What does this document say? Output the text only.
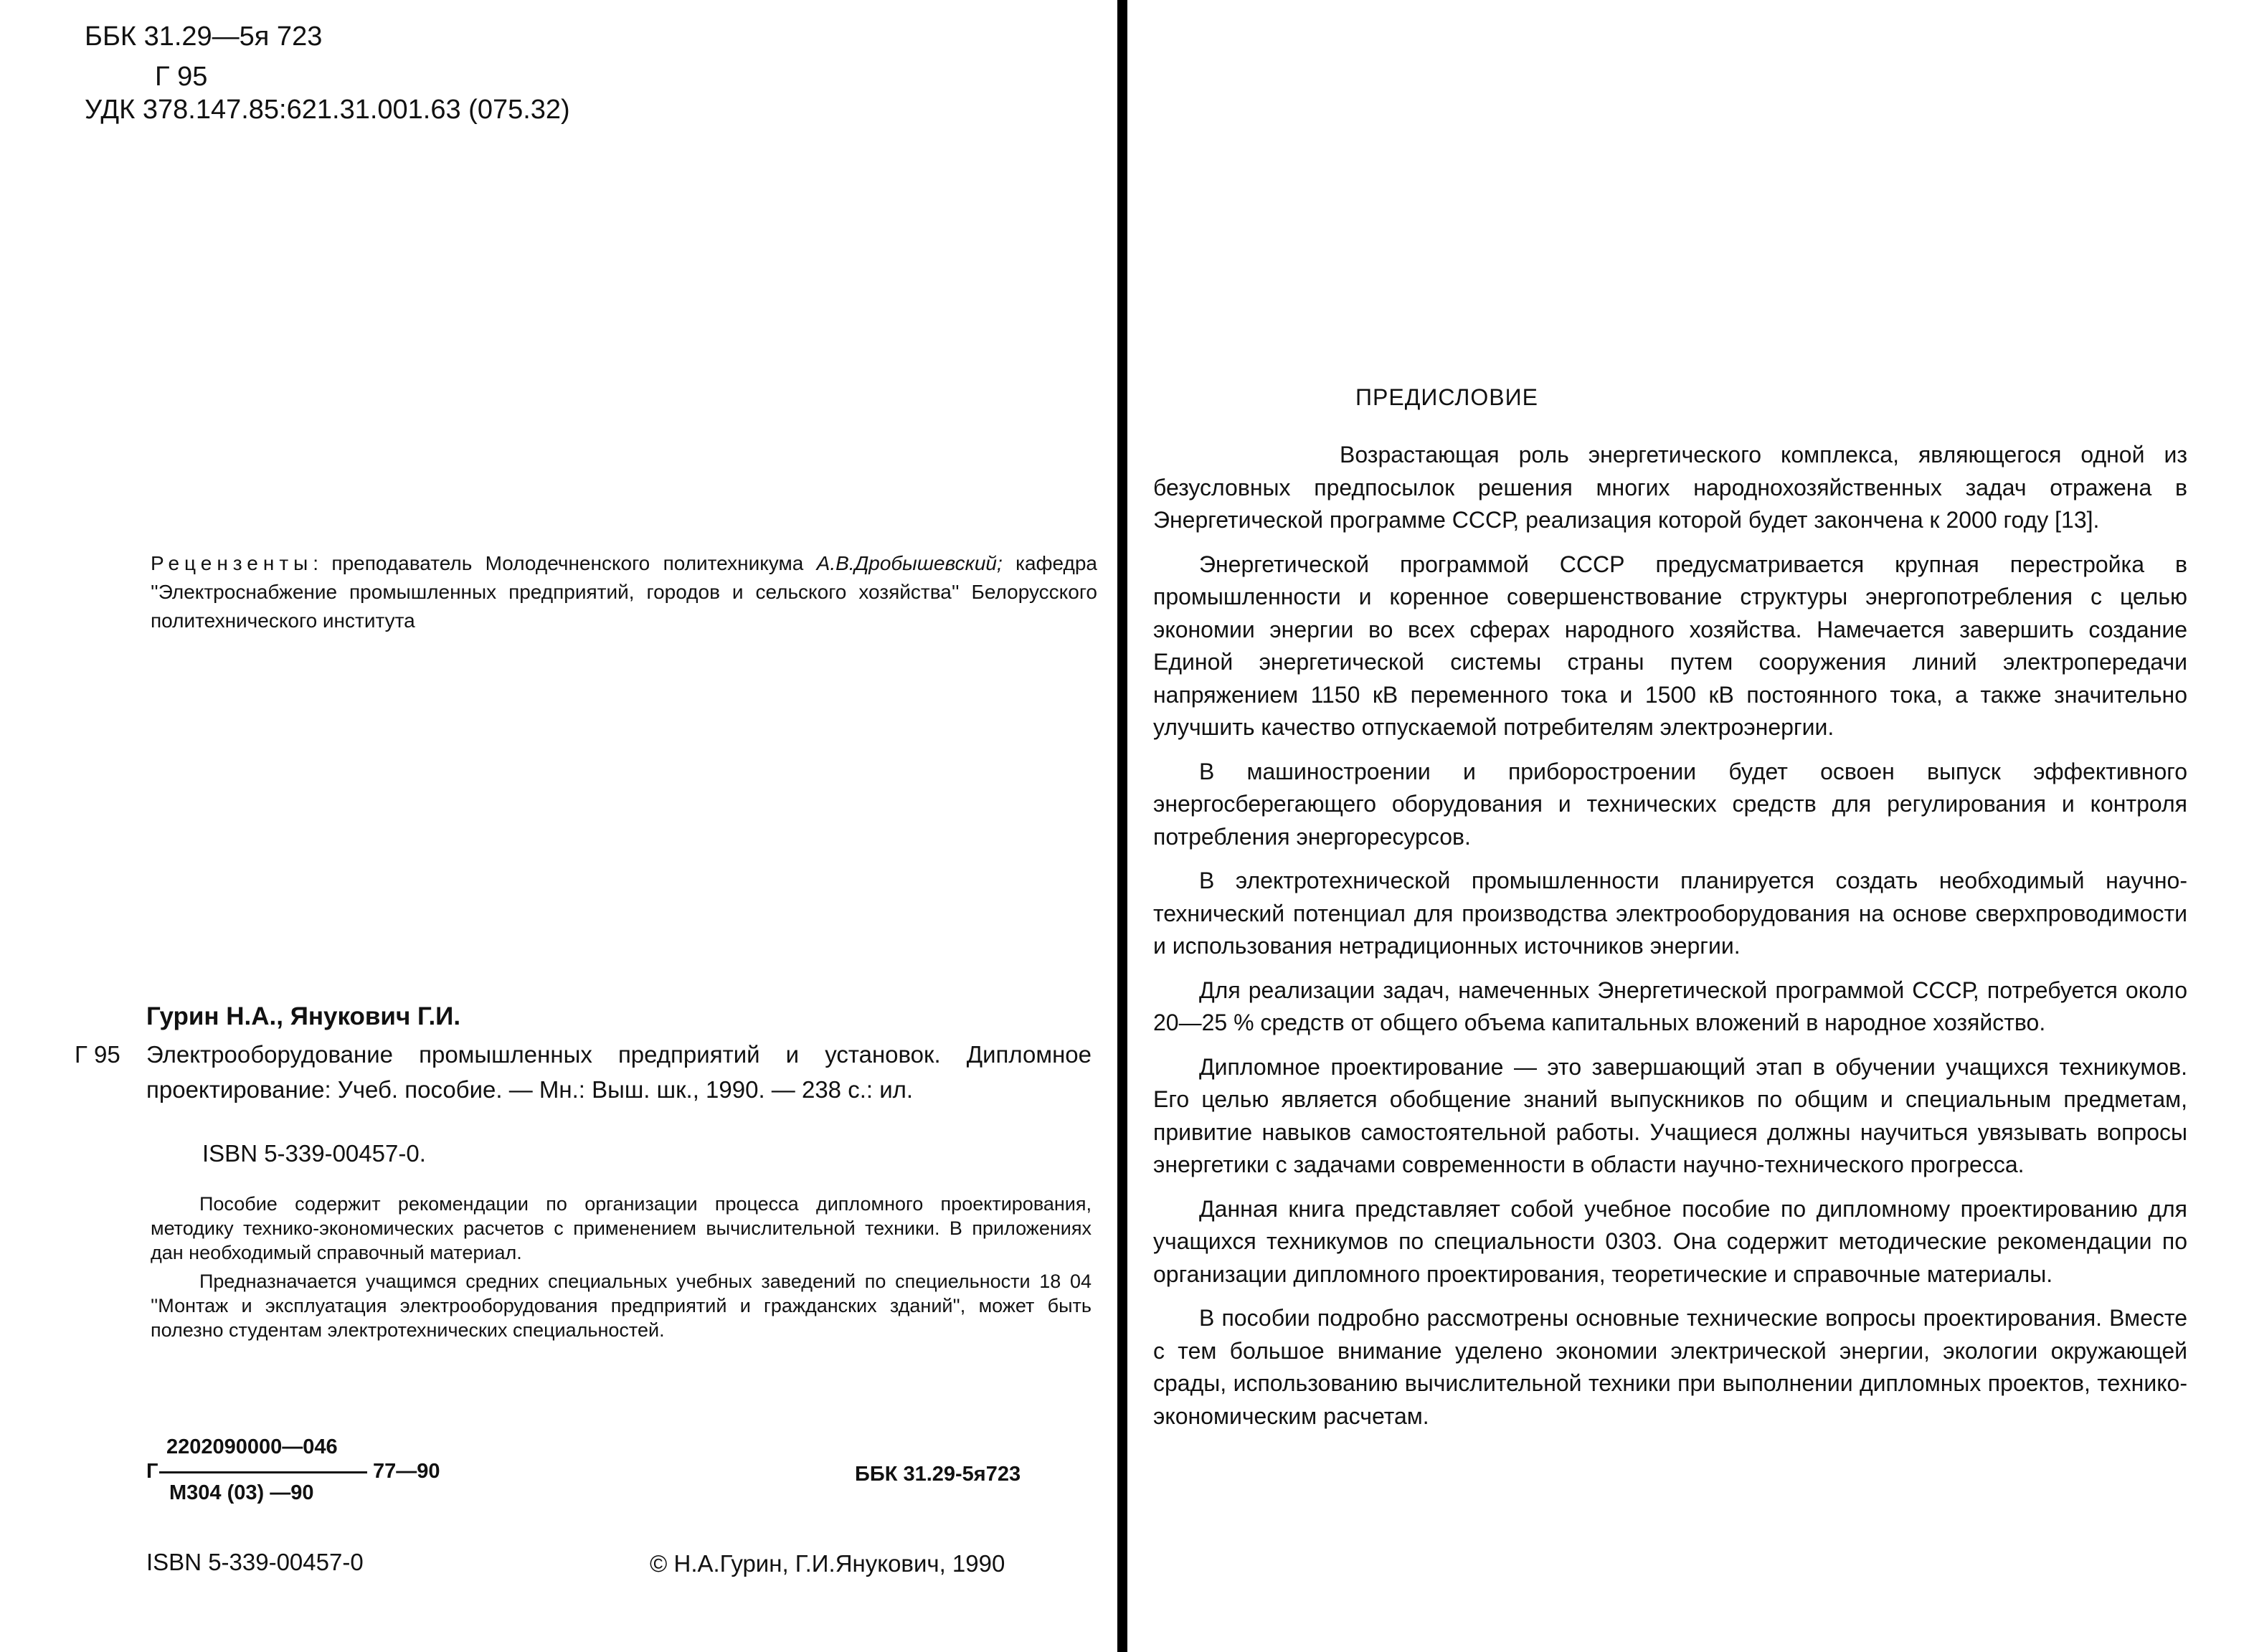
ББК 31.29—5я 723
Г 95
УДК 378.147.85:621.31.001.63 (075.32)
Рецензенты: преподаватель Молодечненского политехникума А.В.Дробышевский; кафедра ''Электроснабжение промышленных предприятий, городов и сельского хозяйства'' Белорусского политехнического института
Гурин Н.А., Янукович Г.И.
Г 95 Электрооборудование промышленных предприятий и установок. Дипломное проектирование: Учеб. пособие. — Мн.: Выш. шк., 1990. — 238 с.: ил.
ISBN 5-339-00457-0.
Пособие содержит рекомендации по организации процесса дипломного проектирования, методику технико-экономических расчетов с применением вычислительной техники. В приложениях дан необходимый справочный материал.
Предназначается учащимся средних специальных учебных заведений по специельности 18 04 ''Монтаж и эксплуатация электрооборудования предприятий и гражданских зданий'', может быть полезно студентам электротехнических специальностей.
2202090000—046
Г	77—90
М304 (03) —90
ББК 31.29-5я723
ISBN 5-339-00457-0	© Н.А.Гурин, Г.И.Янукович, 1990
ПРЕДИСЛОВИЕ

Возрастающая роль энергетического комплекса, являющегося одной из безусловных предпосылок решения многих народнохозяйственных задач отражена в Энергетической программе СССР, реализация которой будет закончена к 2000 году [13].

Энергетической программой СССР предусматривается крупная перестройка в промышленности и коренное совершенствование структуры энергопотребления с целью экономии энергии во всех сферах народного хозяйства. Намечается завершить создание Единой энергетической системы страны путем сооружения линий электропередачи напряжением 1150 кВ переменного тока и 1500 кВ постоянного тока, а также значительно улучшить качество отпускаемой потребителям электроэнергии.

В машиностроении и приборостроении будет освоен выпуск эффективного энергосберегающего оборудования и технических средств для регулирования и контроля потребления энергоресурсов.

В электротехнической промышленности планируется создать необходимый научно-технический потенциал для производства электрооборудования на основе сверхпроводимости и использования нетрадиционных источников энергии.

Для реализации задач, намеченных Энергетической программой СССР, потребуется около 20—25 % средств от общего объема капитальных вложений в народное хозяйство.

Дипломное проектирование — это завершающий этап в обучении учащихся техникумов. Его целью является обобщение знаний выпускников по общим и специальным предметам, привитие навыков самостоятельной работы. Учащиеся должны научиться увязывать вопросы энергетики с задачами современности в области научно-технического прогресса.

Данная книга представляет собой учебное пособие по дипломному проектированию для учащихся техникумов по специальности 0303. Она содержит методические рекомендации по организации дипломного проектирования, теоретические и справочные материалы.

В пособии подробно рассмотрены основные технические вопросы проектирования. Вместе с тем большое внимание уделено экономии электрической энергии, экологии окружающей срады, использованию вычислительной техники при выполнении дипломных проектов, технико-экономическим расчетам.
